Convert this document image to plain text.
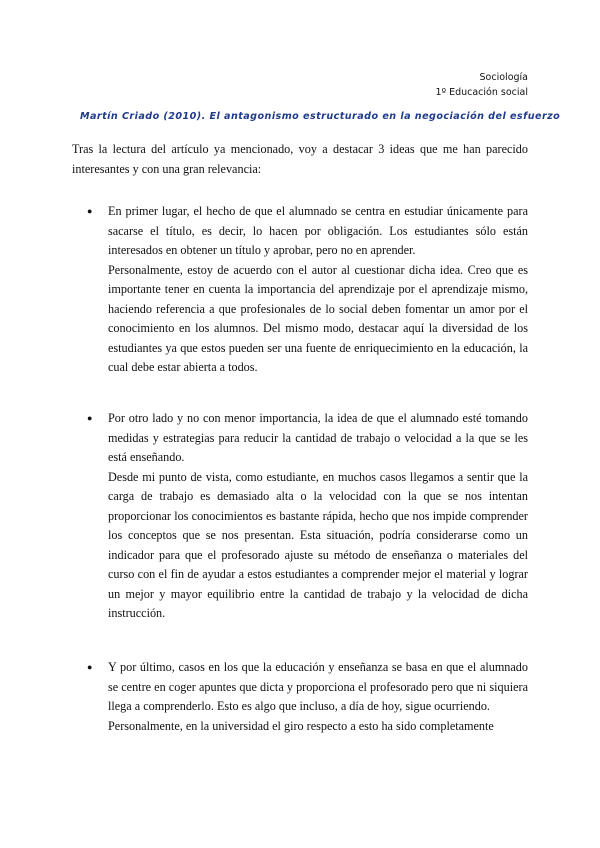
Sociología
1º Educación social
Martín Criado (2010). El antagonismo estructurado en la negociación del esfuerzo

Tras la lectura del artículo ya mencionado, voy a destacar 3 ideas que me han parecido interesantes y con una gran relevancia:

● En primer lugar, el hecho de que el alumnado se centra en estudiar únicamente para sacarse el título, es decir, lo hacen por obligación. Los estudiantes sólo están interesados en obtener un título y aprobar, pero no en aprender.

Personalmente, estoy de acuerdo con el autor al cuestionar dicha idea. Creo que es importante tener en cuenta la importancia del aprendizaje por el aprendizaje mismo, haciendo referencia a que profesionales de lo social deben fomentar un amor por el conocimiento en los alumnos. Del mismo modo, destacar aquí la diversidad de los estudiantes ya que estos pueden ser una fuente de enriquecimiento en la educación, la cual debe estar abierta a todos.

● Por otro lado y no con menor importancia, la idea de que el alumnado esté tomando medidas y estrategias para reducir la cantidad de trabajo o velocidad a la que se les está enseñando.

Desde mi punto de vista, como estudiante, en muchos casos llegamos a sentir que la carga de trabajo es demasiado alta o la velocidad con la que se nos intentan proporcionar los conocimientos es bastante rápida, hecho que nos impide comprender los conceptos que se nos presentan. Esta situación, podría considerarse como un indicador para que el profesorado ajuste su método de enseñanza o materiales del curso con el fin de ayudar a estos estudiantes a comprender mejor el material y lograr un mejor y mayor equilibrio entre la cantidad de trabajo y la velocidad de dicha instrucción.

● Y por último, casos en los que la educación y enseñanza se basa en que el alumnado se centre en coger apuntes que dicta y proporciona el profesorado pero que ni siquiera llega a comprenderlo. Esto es algo que incluso, a día de hoy, sigue ocurriendo.

Personalmente, en la universidad el giro respecto a esto ha sido completamente
